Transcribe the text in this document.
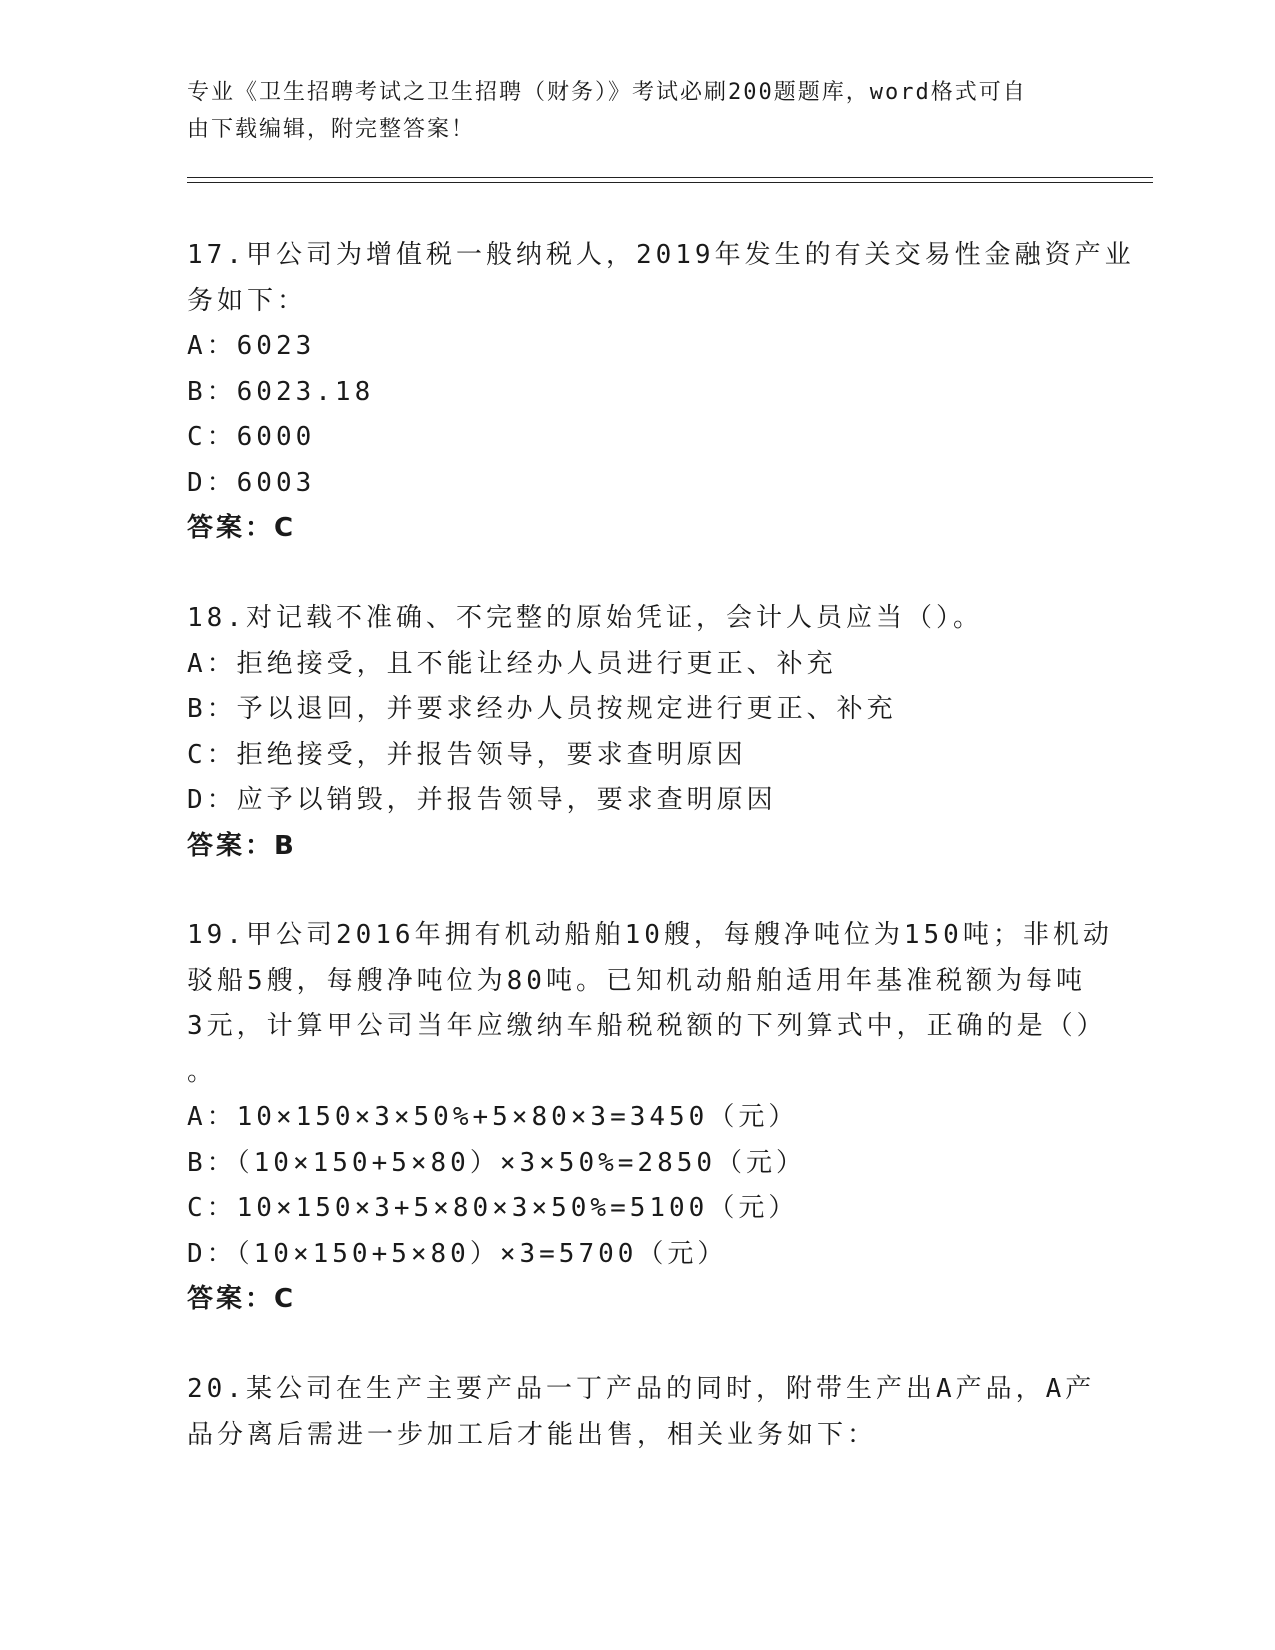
专业《卫生招聘考试之卫生招聘（财务）》考试必刷200题题库，word格式可自
由下载编辑，附完整答案！
17.甲公司为增值税一般纳税人，2019年发生的有关交易性金融资产业
务如下：
A：6023
B：6023.18
C：6000
D：6003
答案：C
18.对记载不准确、不完整的原始凭证，会计人员应当（）。
A：拒绝接受，且不能让经办人员进行更正、补充
B：予以退回，并要求经办人员按规定进行更正、补充
C：拒绝接受，并报告领导，要求查明原因
D：应予以销毁，并报告领导，要求查明原因
答案：B
19.甲公司2016年拥有机动船舶10艘，每艘净吨位为150吨；非机动
驳船5艘，每艘净吨位为80吨。已知机动船舶适用年基准税额为每吨
3元，计算甲公司当年应缴纳车船税税额的下列算式中，正确的是（）
。
A：10×150×3×50%+5×80×3=3450（元）
B：（10×150+5×80）×3×50%=2850（元）
C：10×150×3+5×80×3×50%=5100（元）
D：（10×150+5×80）×3=5700（元）
答案：C
20.某公司在生产主要产品一丁产品的同时，附带生产出A产品，A产
品分离后需进一步加工后才能出售，相关业务如下：
